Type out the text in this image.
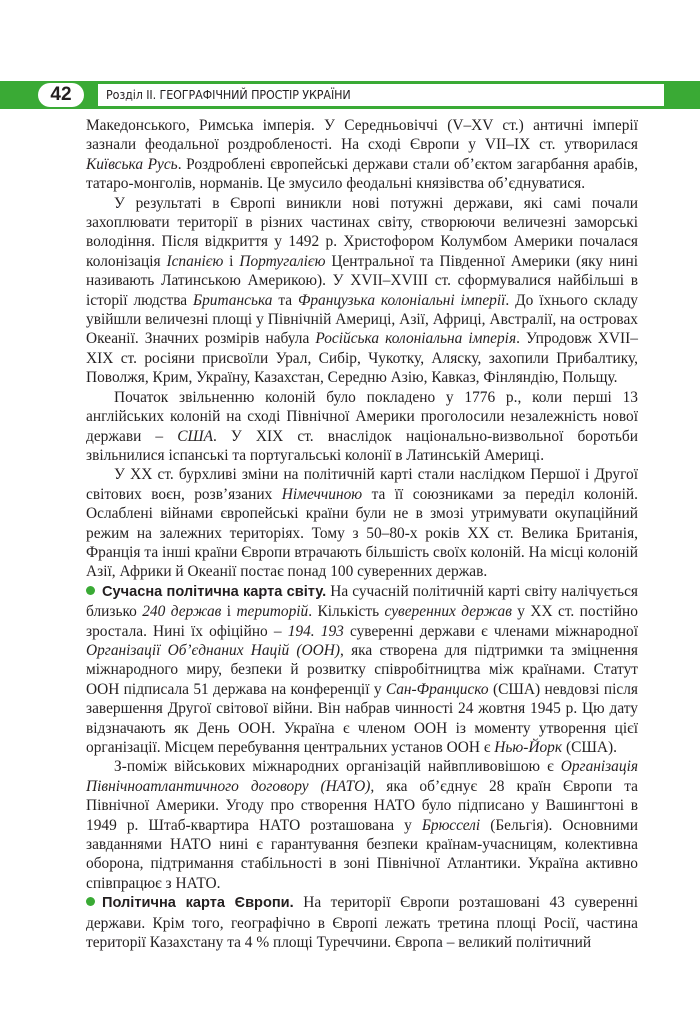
42	Розділ ІІ. ГЕОГРАФІЧНИЙ ПРОСТІР УКРАЇНИ

Македонського, Римська імперія. У Середньовіччі (V–XV ст.) античні імперії зазнали феодальної роздробленості. На сході Європи у VII–IX ст. утворилася Київська Русь. Роздроблені європейські держави стали об’єктом загарбання арабів, татаро-монголів, норманів. Це змусило феодальні князівства об’єднуватися.

У результаті в Європі виникли нові потужні держави, які самі почали захоплювати території в різних частинах світу, створюючи величезні заморські володіння. Після відкриття у 1492 р. Христофором Колумбом Америки почалася колонізація Іспанією і Португалією Центральної та Південної Америки (яку нині називають Латинською Америкою). У XVII–XVIII ст. сформувалися найбільші в історії людства Британська та Французька колоніальні імперії. До їхнього складу увійшли величезні площі у Північній Америці, Азії, Африці, Австралії, на островах Океанії. Значних розмірів набула Російська колоніальна імперія. Упродовж XVII–XIX ст. росіяни присвоїли Урал, Сибір, Чукотку, Аляску, захопили Прибалтику, Поволжя, Крим, Україну, Казахстан, Середню Азію, Кавказ, Фінляндію, Польщу.

Початок звільненню колоній було покладено у 1776 р., коли перші 13 англійських колоній на сході Північної Америки проголосили незалежність нової держави – США. У XIX ст. внаслідок національно-визвольної боротьби звільнилися іспанські та португальські колонії в Латинській Америці.

У XX ст. бурхливі зміни на політичній карті стали наслідком Першої і Другої світових воєн, розв’язаних Німеччиною та її союзниками за переділ колоній. Ослаблені війнами європейські країни були не в змозі утримувати окупаційний режим на залежних територіях. Тому з 50–80-х років XX ст. Велика Британія, Франція та інші країни Європи втрачають більшість своїх колоній. На місці колоній Азії, Африки й Океанії постає понад 100 суверенних держав.

Сучасна політична карта світу. На сучасній політичній карті світу налічується близько 240 держав і територій. Кількість суверенних держав у XX ст. постійно зростала. Нині їх офіційно – 194. 193 суверенні держави є членами міжнародної Організації Об’єднаних Націй (ООН), яка створена для підтримки та зміцнення міжнародного миру, безпеки й розвитку співробітництва між країнами. Статут ООН підписала 51 держава на конференції у Сан-Франциско (США) невдовзі після завершення Другої світової війни. Він набрав чинності 24 жовтня 1945 р. Цю дату відзначають як День ООН. Україна є членом ООН із моменту утворення цієї організації. Місцем перебування центральних установ ООН є Нью-Йорк (США).

З-поміж військових міжнародних організацій найвпливовішою є Організація Північноатлантичного договору (НАТО), яка об’єднує 28 країн Європи та Північної Америки. Угоду про створення НАТО було підписано у Вашингтоні в 1949 р. Штаб-квартира НАТО розташована у Брюсселі (Бельгія). Основними завданнями НАТО нині є гарантування безпеки країнам-учасницям, колективна оборона, підтримання стабільності в зоні Північної Атлантики. Україна активно співпрацює з НАТО.

Політична карта Європи. На території Європи розташовані 43 суверенні держави. Крім того, географічно в Європі лежать третина площі Росії, частина території Казахстану та 4 % площі Туреччини. Європа – великий політичний
